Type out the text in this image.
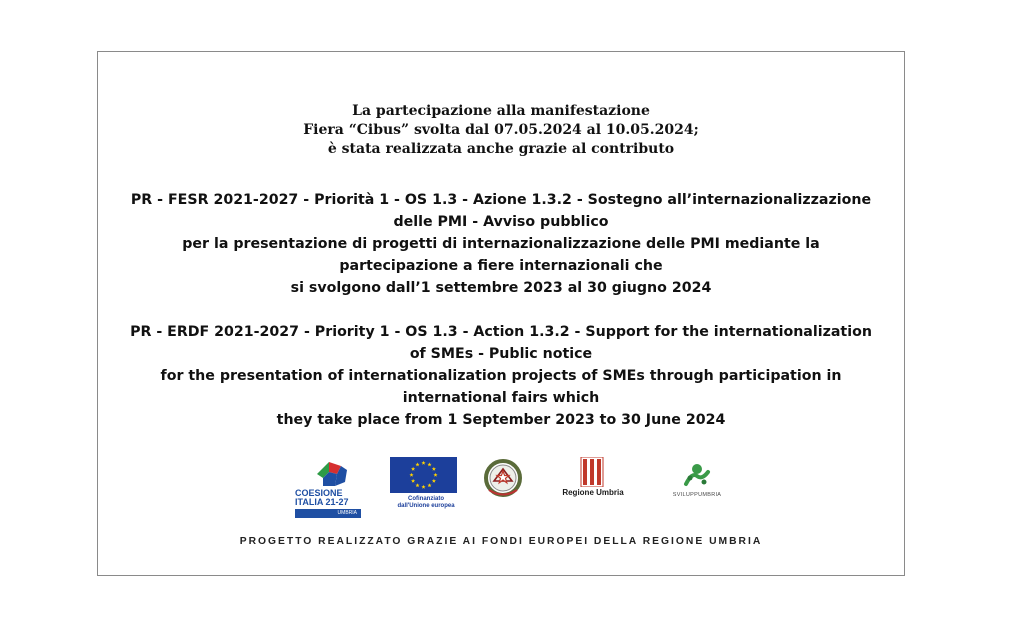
La partecipazione alla manifestazione
Fiera “Cibus” svolta dal 07.05.2024 al 10.05.2024;
è stata realizzata anche grazie al contributo
PR - FESR 2021-2027 - Priorità 1 - OS 1.3 - Azione 1.3.2 - Sostegno all’internazionalizzazione
delle PMI - Avviso pubblico
per la presentazione di progetti di internazionalizzazione delle PMI mediante la
partecipazione a fiere internazionali che
si svolgono dall’1 settembre 2023 al 30 giugno 2024
PR - ERDF 2021-2027 - Priority 1 - OS 1.3 - Action 1.3.2 - Support for the internationalization
of SMEs - Public notice
for the presentation of internationalization projects of SMEs through participation in
international fairs which
they take place from 1 September 2023 to 30 June 2024
COESIONE
ITALIA 21-27
UMBRIA
Cofinanziato
dall'Unione europea
Regione Umbria	SVILUPPUMBRIA
PROGETTO REALIZZATO GRAZIE AI FONDI EUROPEI DELLA REGIONE UMBRIA
